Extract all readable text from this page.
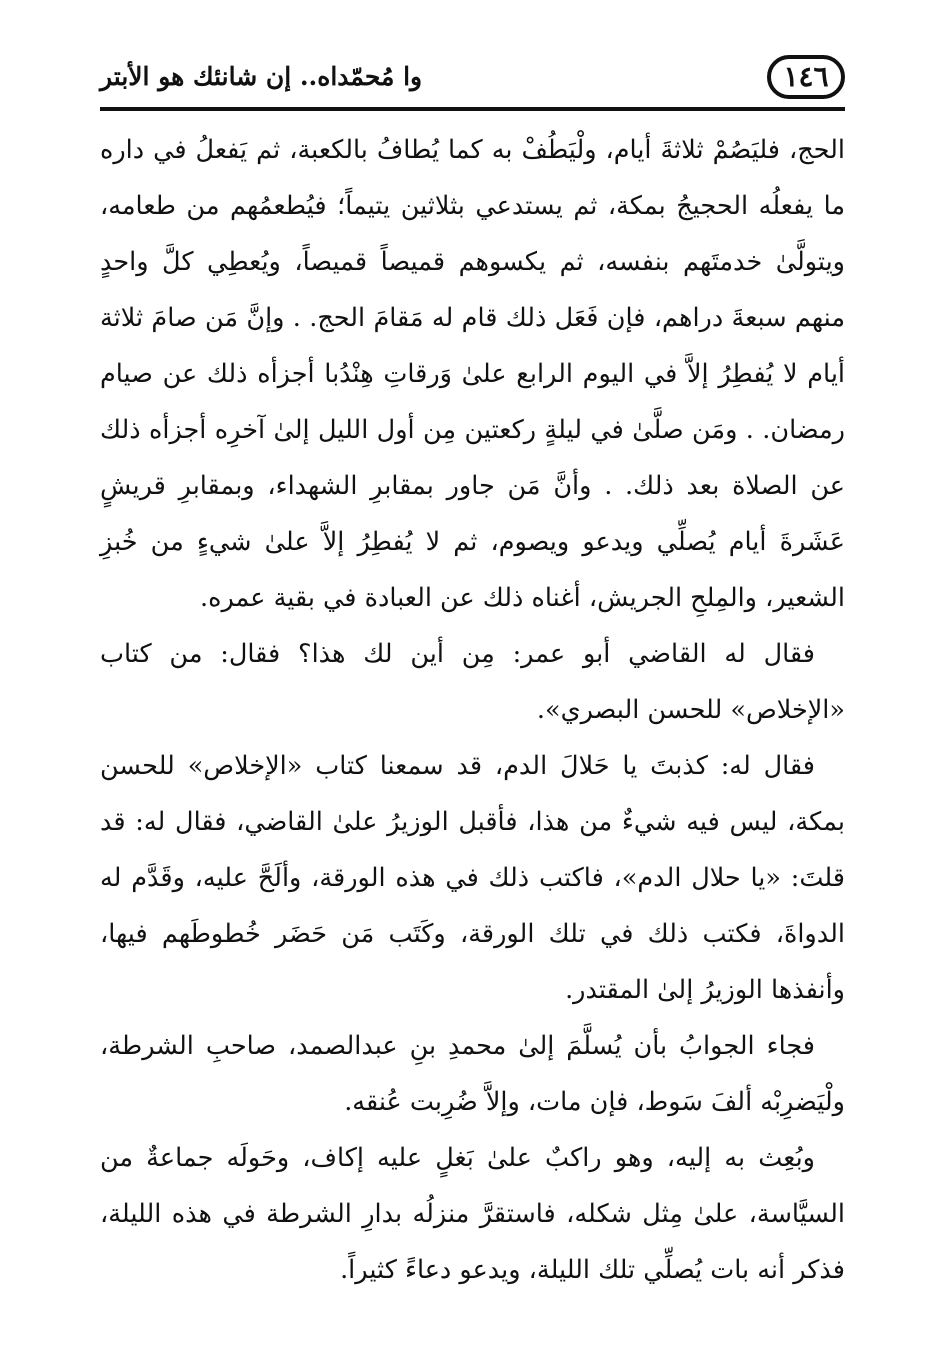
١٤٦
وا مُحمّداه.. إن شانئك هو الأبتر

الحج، فليَصُمْ ثلاثةَ أيام، ولْيَطُفْ به كما يُطافُ بالكعبة، ثم يَفعلُ في داره ما يفعلُه الحجيجُ بمكة، ثم يستدعي بثلاثين يتيماً؛ فيُطعمُهم من طعامه، ويتولَّىٰ خدمتَهم بنفسه، ثم يكسوهم قميصاً قميصاً، ويُعطِي كلَّ واحدٍ منهم سبعةَ دراهم، فإن فَعَل ذلك قام له مَقامَ الحج. . وإنَّ مَن صامَ ثلاثة أيام لا يُفطِرُ إلاَّ في اليوم الرابع علىٰ وَرقاتِ هِنْدُبا أجزأه ذلك عن صيام رمضان. . ومَن صلَّىٰ في ليلةٍ ركعتين مِن أول الليل إلىٰ آخرِه أجزأه ذلك عن الصلاة بعد ذلك. . وأنَّ مَن جاور بمقابرِ الشهداء، وبمقابرِ قريشٍ عَشَرةَ أيام يُصلِّي ويدعو ويصوم، ثم لا يُفطِرُ إلاَّ علىٰ شيءٍ من خُبزِ الشعير، والمِلحِ الجريش، أغناه ذلك عن العبادة في بقية عمره.

فقال له القاضي أبو عمر: مِن أين لك هذا؟ فقال: من كتاب «الإخلاص» للحسن البصري».

فقال له: كذبتَ يا حَلالَ الدم، قد سمعنا كتاب «الإخلاص» للحسن بمكة، ليس فيه شيءٌ من هذا، فأقبل الوزيرُ علىٰ القاضي، فقال له: قد قلتَ: «يا حلال الدم»، فاكتب ذلك في هذه الورقة، وألَحَّ عليه، وقَدَّم له الدواةَ، فكتب ذلك في تلك الورقة، وكَتَب مَن حَضَر خُطوطَهم فيها، وأنفذها الوزيرُ إلىٰ المقتدر.

فجاء الجوابُ بأن يُسلَّمَ إلىٰ محمدِ بنِ عبدالصمد، صاحبِ الشرطة، ولْيَضرِبْه ألفَ سَوط، فإن مات، وإلاَّ ضُرِبت عُنقه.

وبُعِث به إليه، وهو راكبٌ علىٰ بَغلٍ عليه إكاف، وحَولَه جماعةٌ من السيَّاسة، علىٰ مِثل شكله، فاستقرَّ منزلُه بدارِ الشرطة في هذه الليلة، فذكر أنه بات يُصلِّي تلك الليلة، ويدعو دعاءً كثيراً.
